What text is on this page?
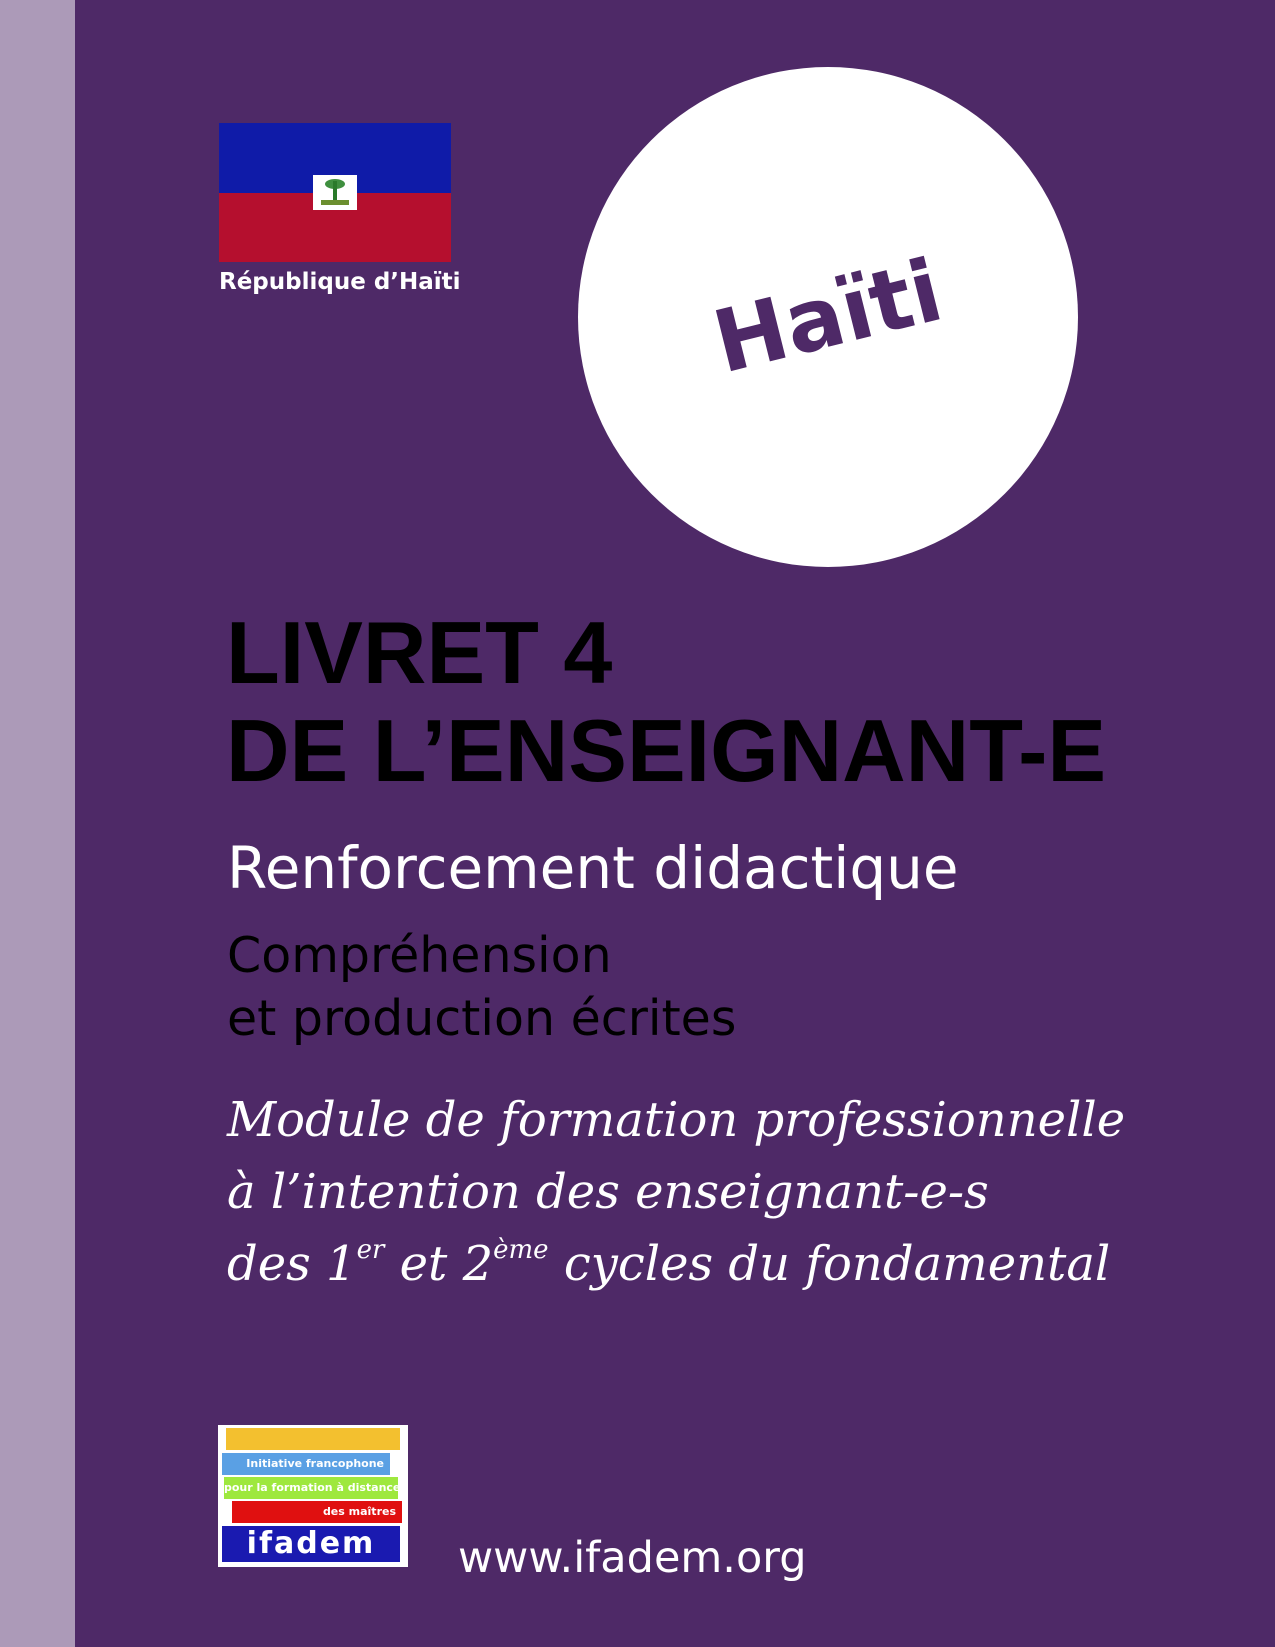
République d’Haïti	Haïti
LIVRET 4
DE L’ENSEIGNANT-E
Renforcement didactique
Compréhension
et production écrites
Module de formation professionnelle
à l’intention des enseignant-e-s
des 1er et 2ème cycles du fondamental
Initiative francophone
pour la formation à distance
des maîtres
ifadem	www.ifadem.org
